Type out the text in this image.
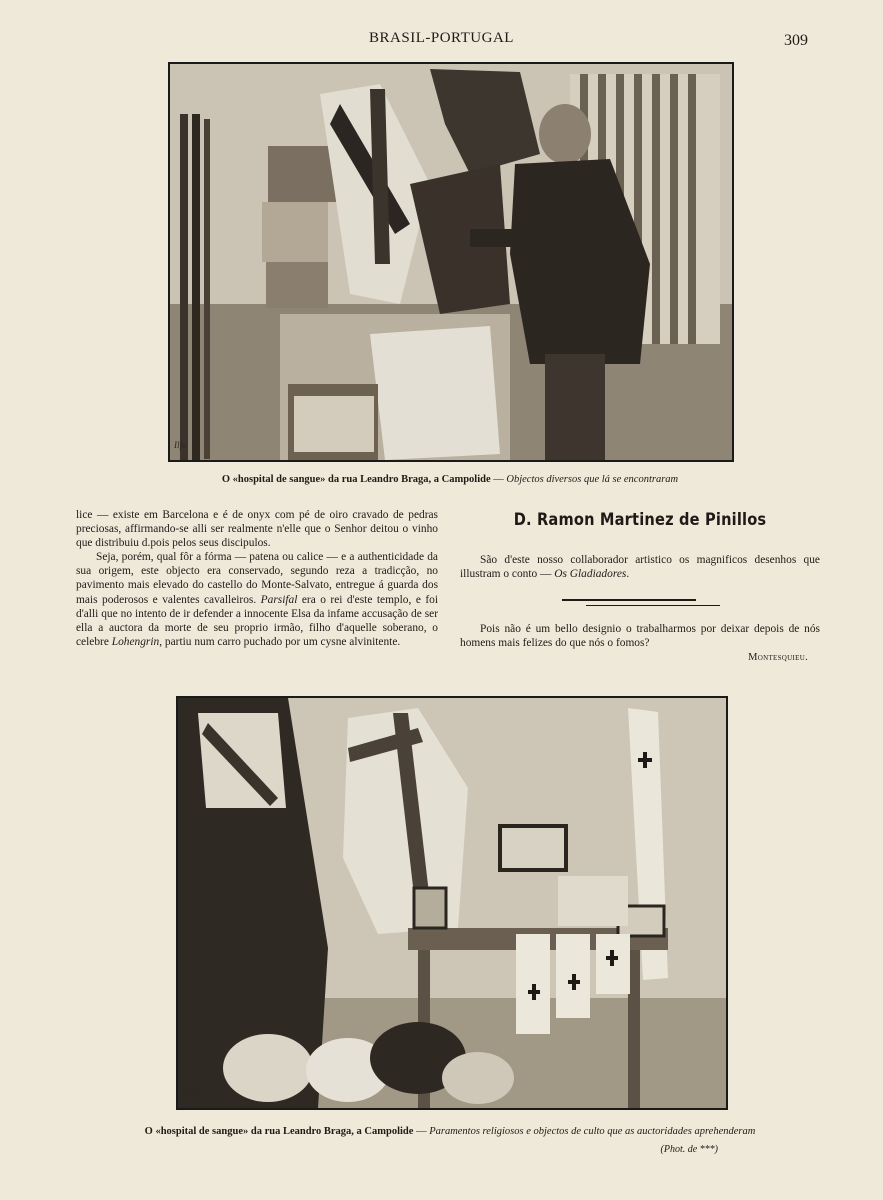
BRASIL-PORTUGAL	309
Ilfa
O «hospital de sangue» da rua Leandro Braga, a Campolide — Objectos diversos que lá se encontraram

lice — existe em Barcelona e é de onyx com pé de oiro cravado de pedras preciosas, affirmando-se alli ser realmente n'elle que o Senhor deitou o vinho que distribuiu d.pois pelos seus discipulos.

Seja, porém, qual fôr a fórma — patena ou calice — e a authenticidade da sua origem, este objecto era conservado, segundo reza a tradicção, no pavimento mais elevado do castello do Monte-Salvato, entregue á guarda dos mais poderosos e valentes cavalleiros. Parsifal era o rei d'este templo, e foi d'alli que no intento de ir defender a innocente Elsa da infame accusação de ser ella a auctora da morte de seu proprio irmão, filho d'aquelle soberano, o celebre Lohengrin, partiu num carro puchado por um cysne alvinitente.

D. Ramon Martinez de Pinillos

São d'este nosso collaborador artistico os magnificos desenhos que illustram o conto — Os Gladiadores.

Pois não é um bello designio o trabalharmos por deixar depois de nós homens mais felizes do que nós o fomos?

Montesquieu.
Ilfa
O «hospital de sangue» da rua Leandro Braga, a Campolide — Paramentos religiosos e objectos de culto que as auctoridades aprehenderam
(Phot. de ***)
